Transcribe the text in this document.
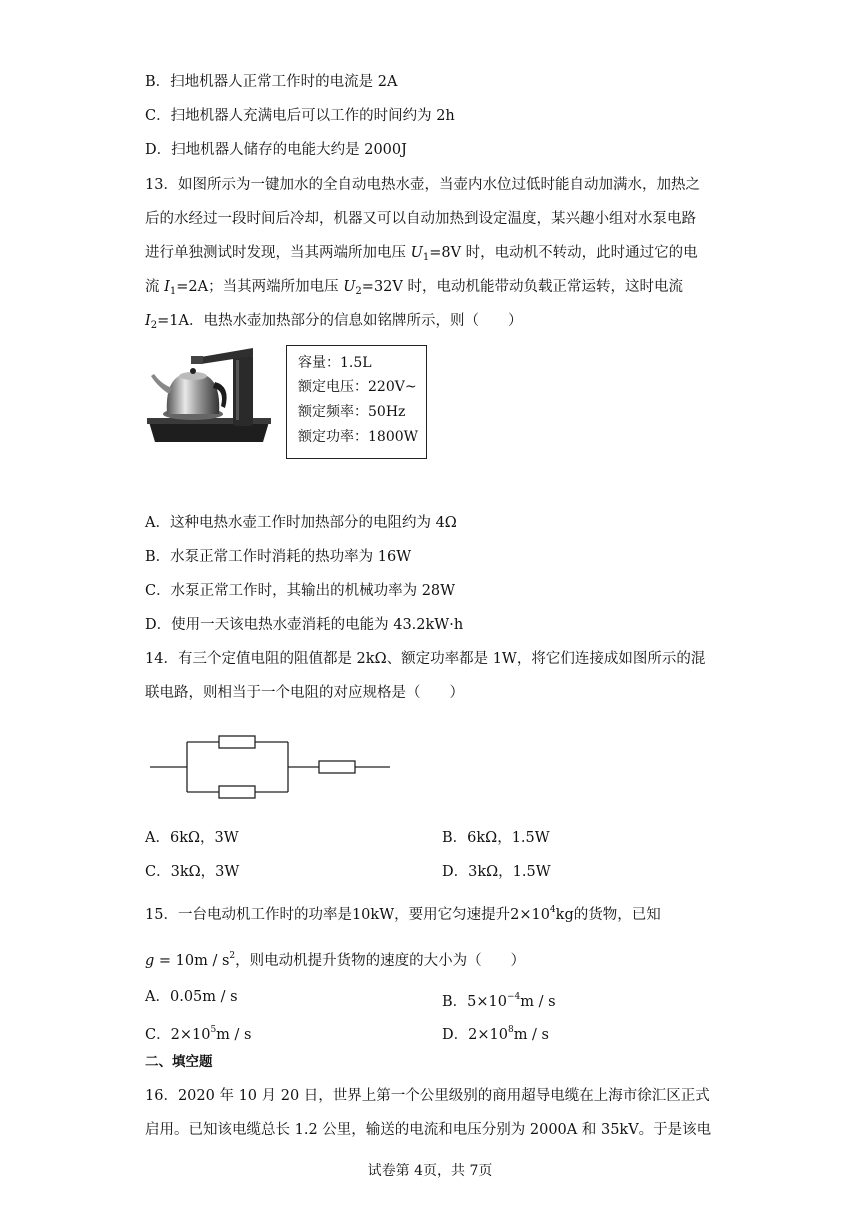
B．扫地机器人正常工作时的电流是 2A
C．扫地机器人充满电后可以工作的时间约为 2h
D．扫地机器人储存的电能大约是 2000J
13．如图所示为一键加水的全自动电热水壶，当壶内水位过低时能自动加满水，加热之
后的水经过一段时间后冷却，机器又可以自动加热到设定温度，某兴趣小组对水泵电路
进行单独测试时发现，当其两端所加电压 $U_1=8V$ 时，电动机不转动，此时通过它的电
流 $I_1=2A$；当其两端所加电压 $U_2=32V$ 时，电动机能带动负载正常运转，这时电流
$I_2=1A$．电热水壶加热部分的信息如铭牌所示，则（　　）
容量：1.5L
额定电压：220V~
额定频率：50Hz
额定功率：1800W
A．这种电热水壶工作时加热部分的电阻约为 4Ω
B．水泵正常工作时消耗的热功率为 16W
C．水泵正常工作时，其输出的机械功率为 28W
D．使用一天该电热水壶消耗的电能为 43.2kW·h
14．有三个定值电阻的阻值都是 2kΩ、额定功率都是 1W，将它们连接成如图所示的混
联电路，则相当于一个电阻的对应规格是（　　）
A．6kΩ，3W	B．6kΩ，1.5W
C．3kΩ，3W	D．3kΩ，1.5W
15．一台电动机工作时的功率是10kW，要用它匀速提升$2\times 10^4kg$的货物，已知
$g = 10m / s^2$，则电动机提升货物的速度的大小为（　　）
A．0.05m / s	B．$5\times 10^{-4}m / s$
C．$2\times 10^5m / s$	D．$2\times 10^8m / s$
二、填空题
16．2020 年 10 月 20 日，世界上第一个公里级别的商用超导电缆在上海市徐汇区正式
启用。已知该电缆总长 1.2 公里，输送的电流和电压分别为 2000A 和 35kV。于是该电
试卷第 4页，共 7页
